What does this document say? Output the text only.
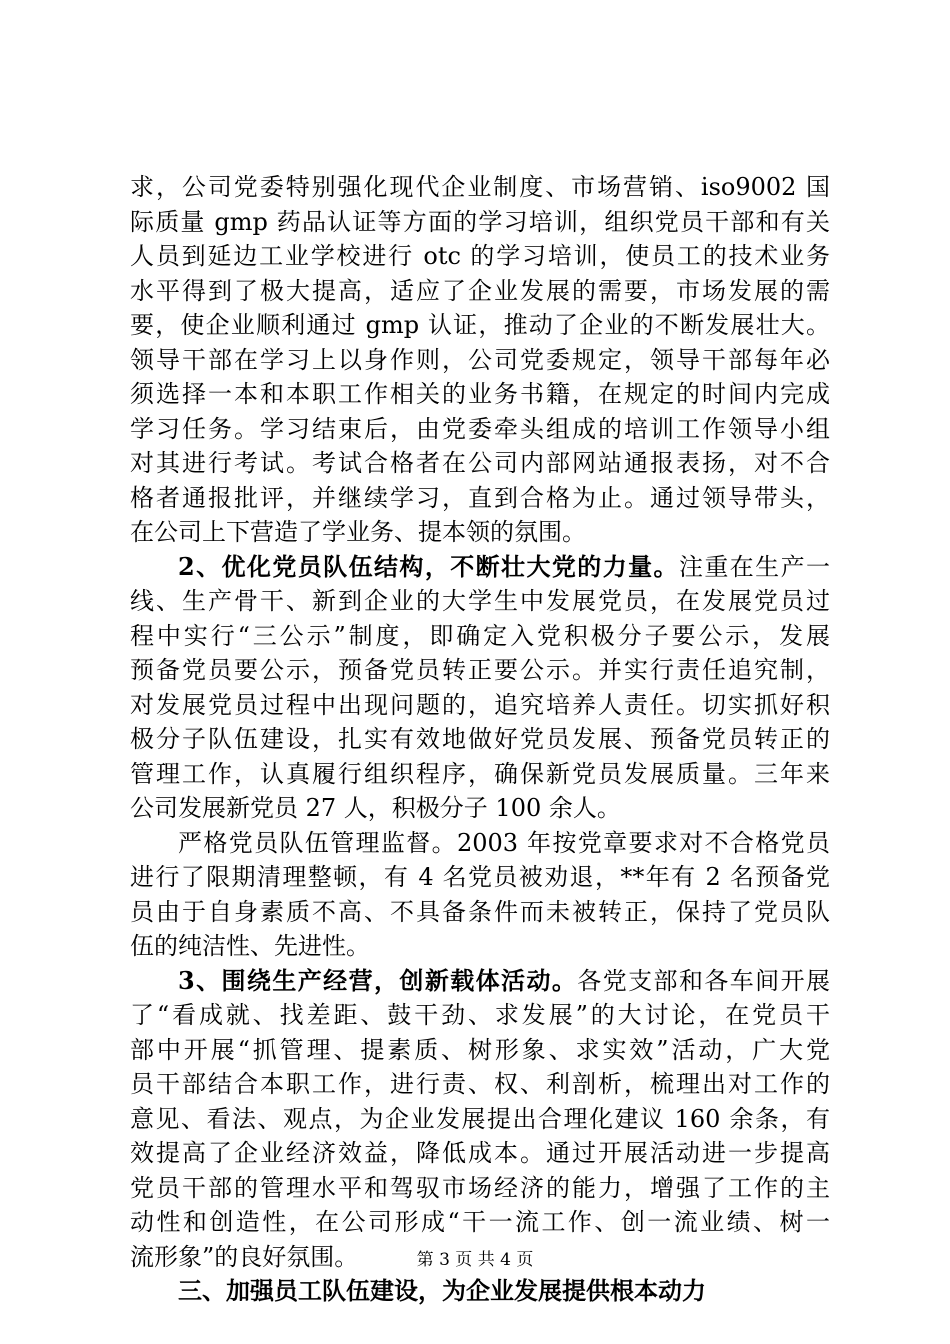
求，公司党委特别强化现代企业制度、市场营销、iso9002 国
际质量 gmp 药品认证等方面的学习培训，组织党员干部和有关
人员到延边工业学校进行 otc 的学习培训，使员工的技术业务
水平得到了极大提高，适应了企业发展的需要，市场发展的需
要，使企业顺利通过 gmp 认证，推动了企业的不断发展壮大。
领导干部在学习上以身作则，公司党委规定，领导干部每年必
须选择一本和本职工作相关的业务书籍，在规定的时间内完成
学习任务。学习结束后，由党委牵头组成的培训工作领导小组
对其进行考试。考试合格者在公司内部网站通报表扬，对不合
格者通报批评，并继续学习，直到合格为止。通过领导带头，
在公司上下营造了学业务、提本领的氛围。
2、优化党员队伍结构，不断壮大党的力量。注重在生产一
线、生产骨干、新到企业的大学生中发展党员，在发展党员过
程中实行“三公示”制度，即确定入党积极分子要公示，发展
预备党员要公示，预备党员转正要公示。并实行责任追究制，
对发展党员过程中出现问题的，追究培养人责任。切实抓好积
极分子队伍建设，扎实有效地做好党员发展、预备党员转正的
管理工作，认真履行组织程序，确保新党员发展质量。三年来
公司发展新党员 27 人，积极分子 100 余人。
严格党员队伍管理监督。2003 年按党章要求对不合格党员
进行了限期清理整顿，有 4 名党员被劝退，**年有 2 名预备党
员由于自身素质不高、不具备条件而未被转正，保持了党员队
伍的纯洁性、先进性。
3、围绕生产经营，创新载体活动。各党支部和各车间开展
了“看成就、找差距、鼓干劲、求发展”的大讨论，在党员干
部中开展“抓管理、提素质、树形象、求实效”活动，广大党
员干部结合本职工作，进行责、权、利剖析，梳理出对工作的
意见、看法、观点，为企业发展提出合理化建议 160 余条，有
效提高了企业经济效益，降低成本。通过开展活动进一步提高
党员干部的管理水平和驾驭市场经济的能力，增强了工作的主
动性和创造性，在公司形成“干一流工作、创一流业绩、树一
流形象”的良好氛围。
三、加强员工队伍建设，为企业发展提供根本动力
第 3 页 共 4 页
